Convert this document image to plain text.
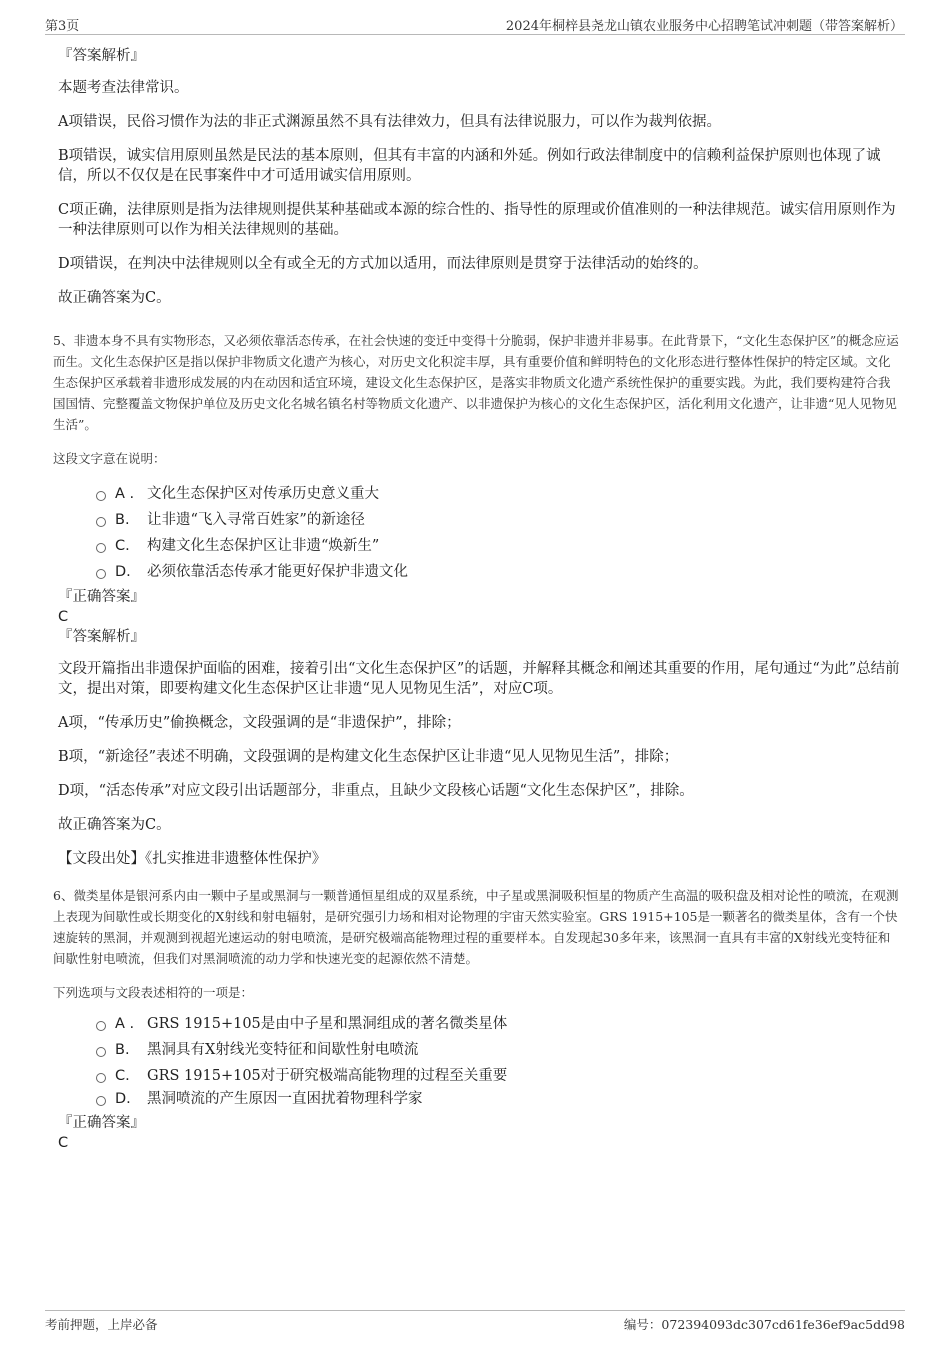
第3页	2024年桐梓县尧龙山镇农业服务中心招聘笔试冲刺题（带答案解析）
『答案解析』
本题考查法律常识。
A项错误，民俗习惯作为法的非正式渊源虽然不具有法律效力，但具有法律说服力，可以作为裁判依据。
B项错误，诚实信用原则虽然是民法的基本原则，但其有丰富的内涵和外延。例如行政法律制度中的信赖利益保护原则也体现了诚信，所以不仅仅是在民事案件中才可适用诚实信用原则。
C项正确，法律原则是指为法律规则提供某种基础或本源的综合性的、指导性的原理或价值准则的一种法律规范。诚实信用原则作为一种法律原则可以作为相关法律规则的基础。
D项错误，在判决中法律规则以全有或全无的方式加以适用，而法律原则是贯穿于法律活动的始终的。
故正确答案为C。
5、非遗本身不具有实物形态，又必须依靠活态传承，在社会快速的变迁中变得十分脆弱，保护非遗并非易事。在此背景下，“文化生态保护区”的概念应运而生。文化生态保护区是指以保护非物质文化遗产为核心，对历史文化积淀丰厚，具有重要价值和鲜明特色的文化形态进行整体性保护的特定区域。文化生态保护区承载着非遗形成发展的内在动因和适宜环境，建设文化生态保护区，是落实非物质文化遗产系统性保护的重要实践。为此，我们要构建符合我国国情、完整覆盖文物保护单位及历史文化名城名镇名村等物质文化遗产、以非遗保护为核心的文化生态保护区，活化利用文化遗产，让非遗“见人见物见生活”。
这段文字意在说明：
A . 文化生态保护区对传承历史意义重大
B.	让非遗“飞入寻常百姓家”的新途径
C.	构建文化生态保护区让非遗“焕新生”
D.	必须依靠活态传承才能更好保护非遗文化
『正确答案』
C
『答案解析』
文段开篇指出非遗保护面临的困难，接着引出“文化生态保护区”的话题，并解释其概念和阐述其重要的作用，尾句通过“为此”总结前文，提出对策，即要构建文化生态保护区让非遗“见人见物见生活”，对应C项。
A项，“传承历史”偷换概念，文段强调的是“非遗保护”，排除；
B项，“新途径”表述不明确，文段强调的是构建文化生态保护区让非遗“见人见物见生活”，排除；
D项，“活态传承”对应文段引出话题部分，非重点，且缺少文段核心话题“文化生态保护区”，排除。
故正确答案为C。
【文段出处】《扎实推进非遗整体性保护》
6、微类星体是银河系内由一颗中子星或黑洞与一颗普通恒星组成的双星系统，中子星或黑洞吸积恒星的物质产生高温的吸积盘及相对论性的喷流，在观测上表现为间歇性或长期变化的X射线和射电辐射，是研究强引力场和相对论物理的宇宙天然实验室。GRS 1915+105是一颗著名的微类星体，含有一个快速旋转的黑洞，并观测到视超光速运动的射电喷流，是研究极端高能物理过程的重要样本。自发现起30多年来，该黑洞一直具有丰富的X射线光变特征和间歇性射电喷流，但我们对黑洞喷流的动力学和快速光变的起源依然不清楚。
下列选项与文段表述相符的一项是：
A . GRS 1915+105是由中子星和黑洞组成的著名微类星体
B.	黑洞具有X射线光变特征和间歇性射电喷流
C.	GRS 1915+105对于研究极端高能物理的过程至关重要
D.	黑洞喷流的产生原因一直困扰着物理科学家
『正确答案』
C
考前押题，上岸必备	编号：072394093dc307cd61fe36ef9ac5dd98
